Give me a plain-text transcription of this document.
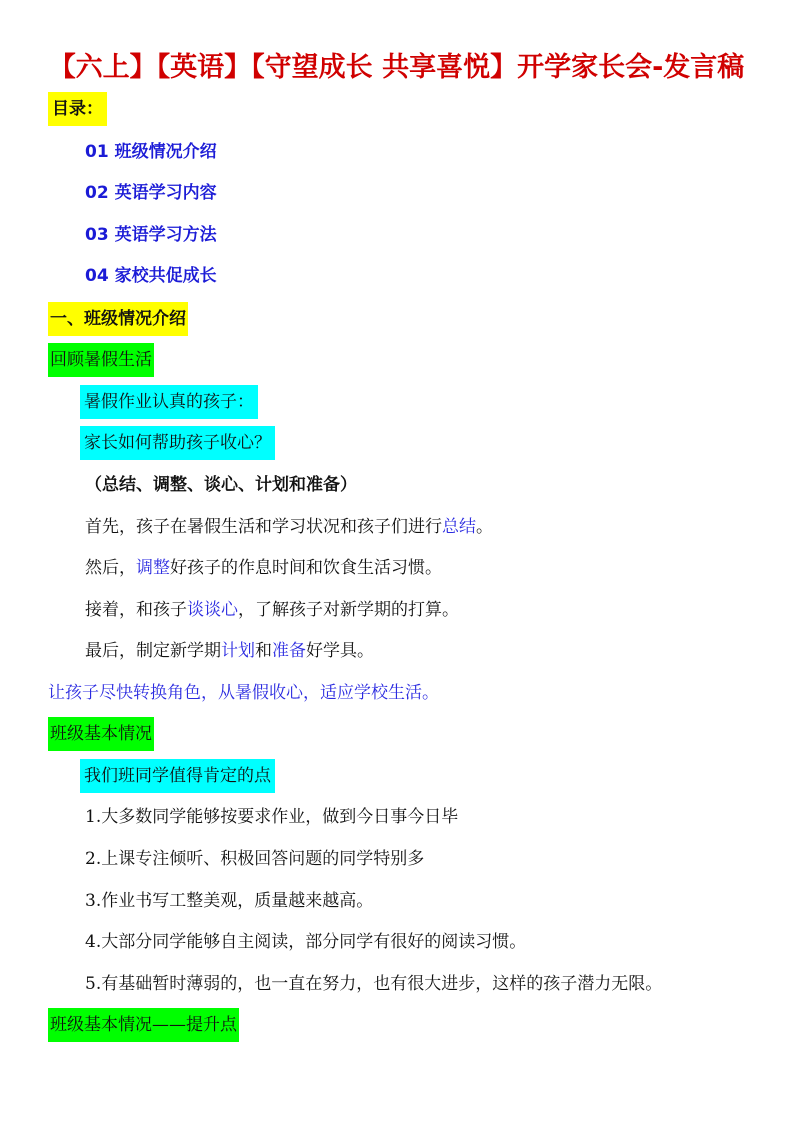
【六上】【英语】【守望成长 共享喜悦】开学家长会-发言稿
目录：
01 班级情况介绍
02 英语学习内容
03 英语学习方法
04 家校共促成长
一、班级情况介绍
回顾暑假生活
暑假作业认真的孩子：
家长如何帮助孩子收心？
（总结、调整、谈心、计划和准备）
首先，孩子在暑假生活和学习状况和孩子们进行 总结 。
然后， 调整 好孩子的作息时间和饮食生活习惯。
接着，和孩子 谈谈心 ，了解孩子对新学期的打算。
最后，制定新学期 计划 和 准备 好学具。
让孩子尽快转换角色，从暑假收心，适应学校生活。
班级基本情况
我们班同学值得肯定的点
1.大多数同学能够按要求作业，做到今日事今日毕
2.上课专注倾听、积极回答问题的同学特别多
3.作业书写工整美观，质量越来越高。
4.大部分同学能够自主阅读，部分同学有很好的阅读习惯。
5.有基础暂时薄弱的，也一直在努力，也有很大进步，这样的孩子潜力无限。
班级基本情况——提升点
